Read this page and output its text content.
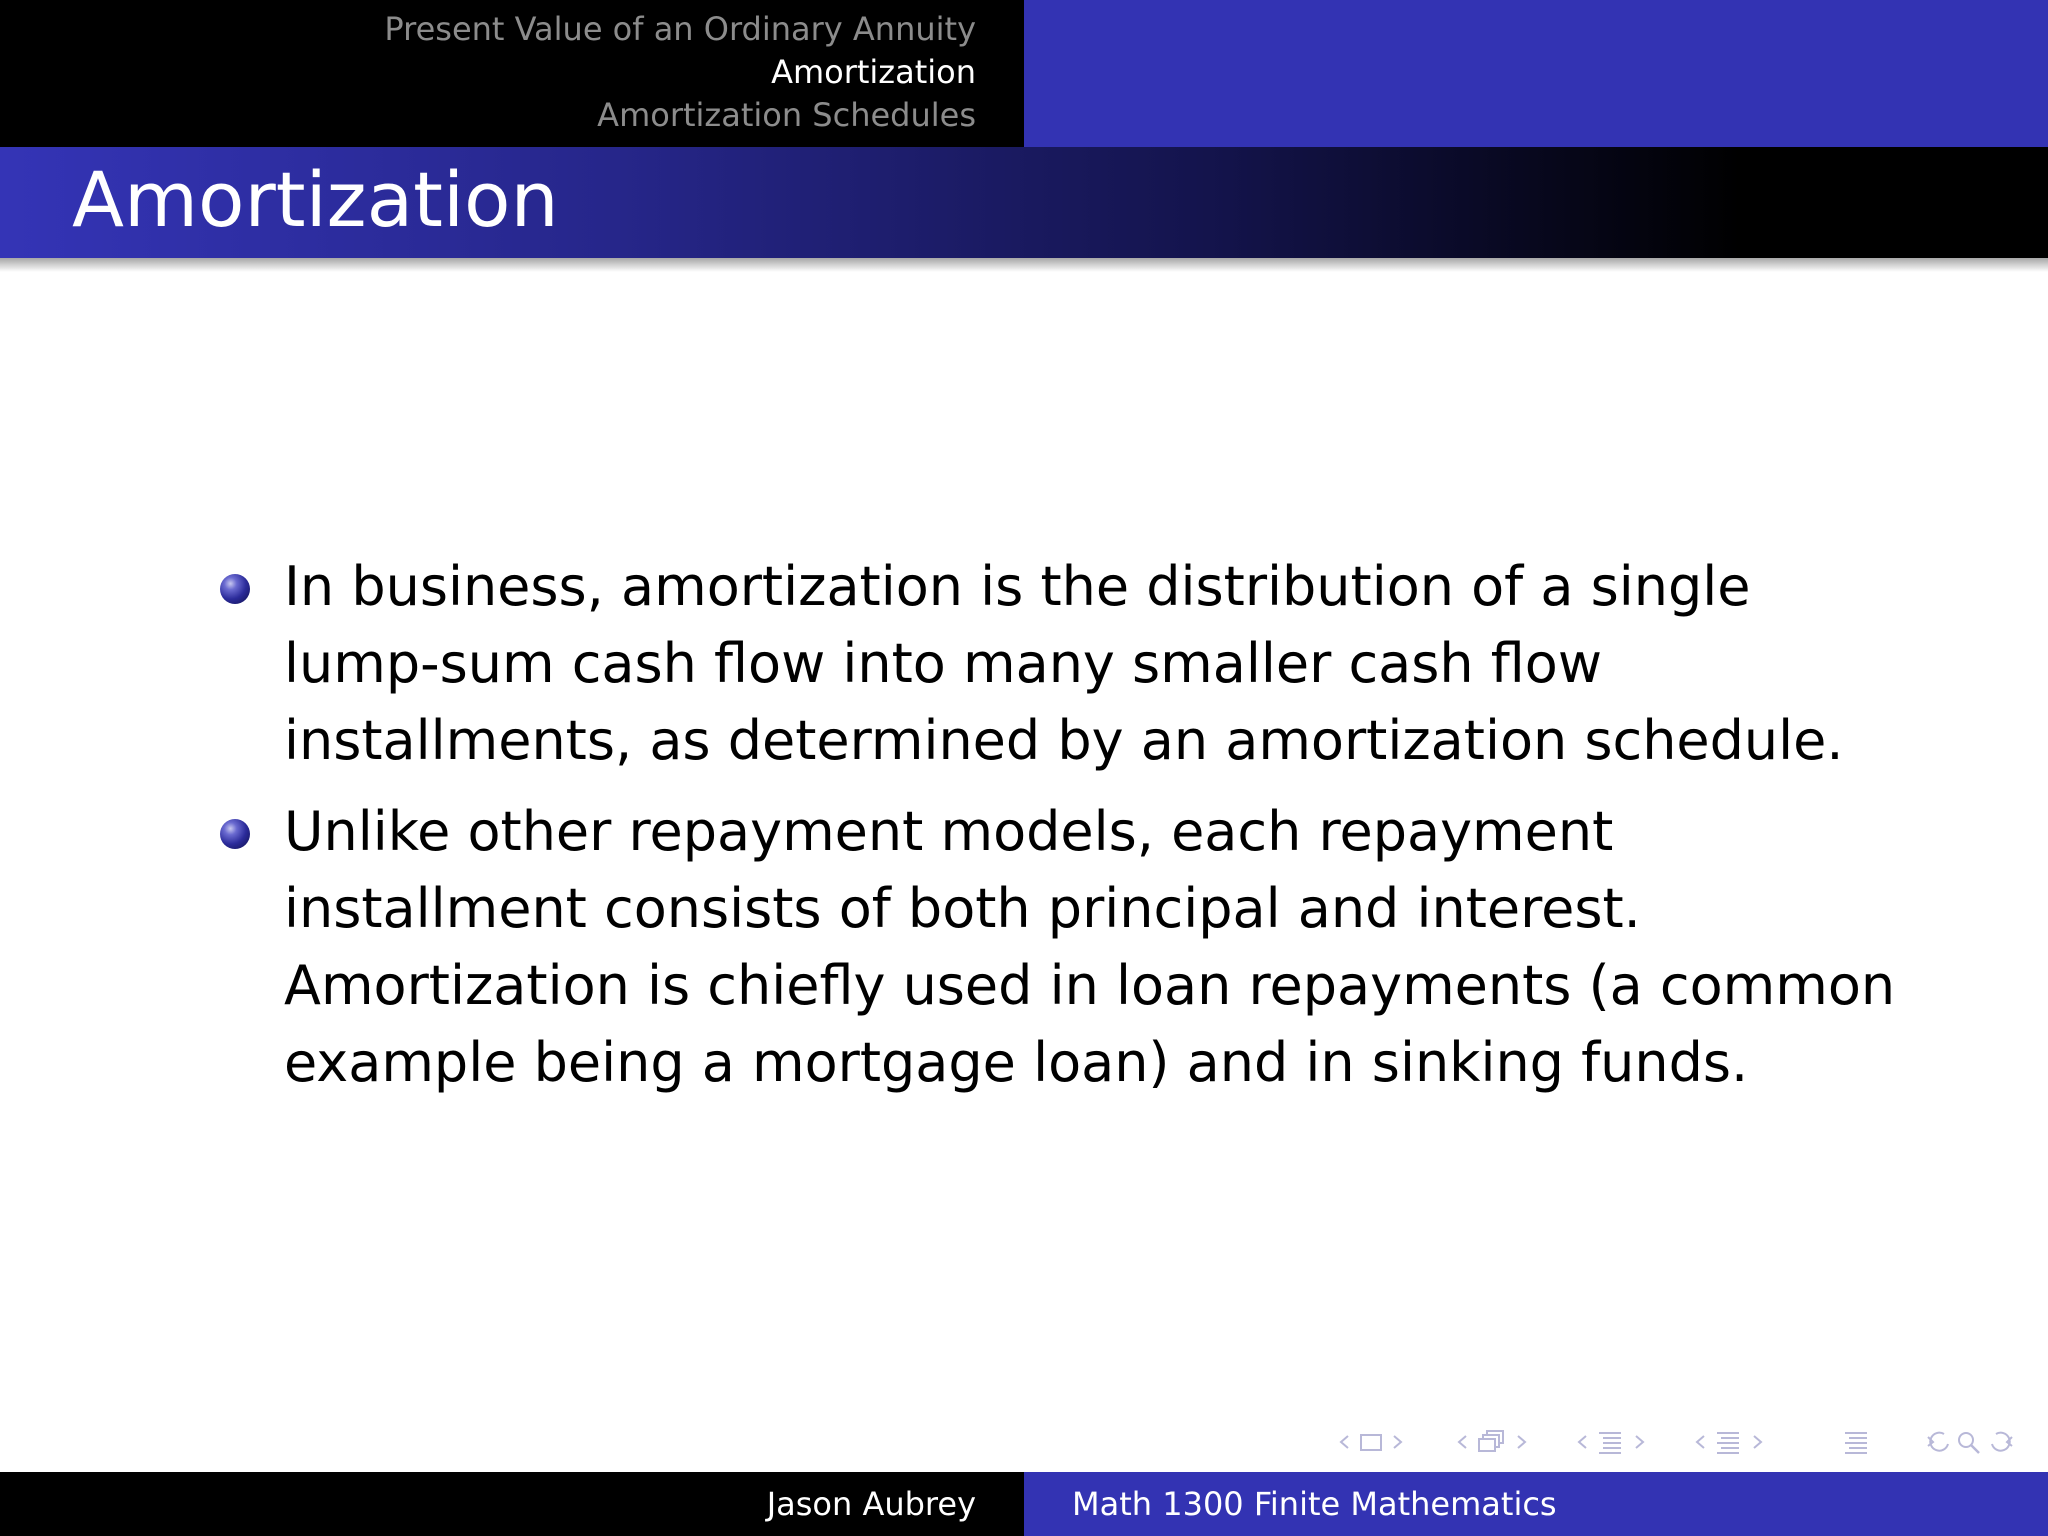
Present Value of an Ordinary Annuity
Amortization
Amortization Schedules
Amortization
In business, amortization is the distribution of a single lump-sum cash flow into many smaller cash flow installments, as determined by an amortization schedule.
Unlike other repayment models, each repayment installment consists of both principal and interest. Amortization is chiefly used in loan repayments (a common example being a mortgage loan) and in sinking funds.
Jason Aubrey	Math 1300 Finite Mathematics
